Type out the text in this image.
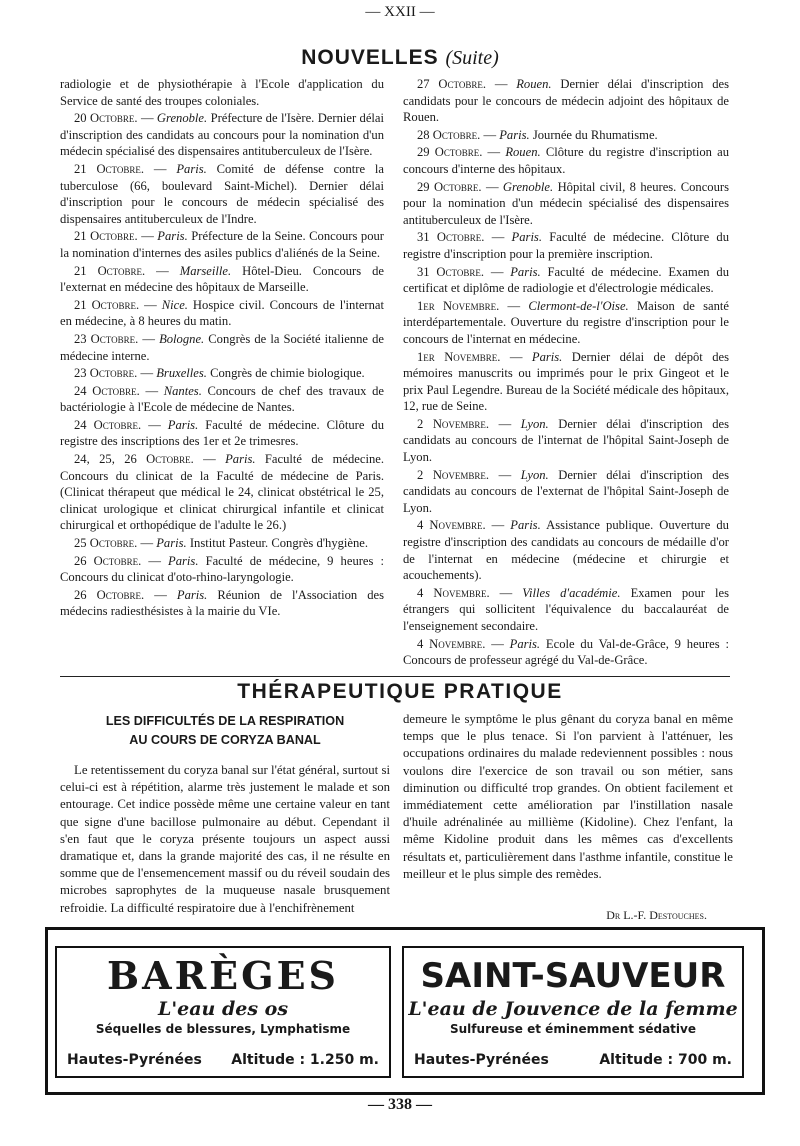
— XXII —
NOUVELLES (Suite)

radiologie et de physiothérapie à l'Ecole d'application du Service de santé des troupes coloniales.

20 Octobre. — Grenoble. Préfecture de l'Isère. Dernier délai d'inscription des candidats au concours pour la nomination d'un médecin spécialisé des dispensaires antituberculeux de l'Isère.

21 Octobre. — Paris. Comité de défense contre la tuberculose (66, boulevard Saint-Michel). Dernier délai d'inscription pour le concours de médecin spécialisé des dispensaires antituberculeux de l'Indre.

21 Octobre. — Paris. Préfecture de la Seine. Concours pour la nomination d'internes des asiles publics d'aliénés de la Seine.

21 Octobre. — Marseille. Hôtel-Dieu. Concours de l'externat en médecine des hôpitaux de Marseille.

21 Octobre. — Nice. Hospice civil. Concours de l'internat en médecine, à 8 heures du matin.

23 Octobre. — Bologne. Congrès de la Société italienne de médecine interne.

23 Octobre. — Bruxelles. Congrès de chimie biologique.

24 Octobre. — Nantes. Concours de chef des travaux de bactériologie à l'Ecole de médecine de Nantes.

24 Octobre. — Paris. Faculté de médecine. Clôture du registre des inscriptions des 1er et 2e trimesres.

24, 25, 26 Octobre. — Paris. Faculté de médecine. Concours du clinicat de la Faculté de médecine de Paris. (Clinicat thérapeut que médical le 24, clinicat obstétrical le 25, clinicat urologique et clinicat chirurgical infantile et clinicat chirurgical et orthopédique de l'adulte le 26.)

25 Octobre. — Paris. Institut Pasteur. Congrès d'hygiène.

26 Octobre. — Paris. Faculté de médecine, 9 heures : Concours du clinicat d'oto-rhino-laryngologie.

26 Octobre. — Paris. Réunion de l'Association des médecins radiesthésistes à la mairie du VIe.

27 Octobre. — Rouen. Dernier délai d'inscription des candidats pour le concours de médecin adjoint des hôpitaux de Rouen.

28 Octobre. — Paris. Journée du Rhumatisme.

29 Octobre. — Rouen. Clôture du registre d'inscription au concours d'interne des hôpitaux.

29 Octobre. — Grenoble. Hôpital civil, 8 heures. Concours pour la nomination d'un médecin spécialisé des dispensaires antituberculeux de l'Isère.

31 Octobre. — Paris. Faculté de médecine. Clôture du registre d'inscription pour la première inscription.

31 Octobre. — Paris. Faculté de médecine. Examen du certificat et diplôme de radiologie et d'électrologie médicales.

1er Novembre. — Clermont-de-l'Oise. Maison de santé interdépartementale. Ouverture du registre d'inscription pour le concours de l'internat en médecine.

1er Novembre. — Paris. Dernier délai de dépôt des mémoires manuscrits ou imprimés pour le prix Gingeot et le prix Paul Legendre. Bureau de la Société médicale des hôpitaux, 12, rue de Seine.

2 Novembre. — Lyon. Dernier délai d'inscription des candidats au concours de l'internat de l'hôpital Saint-Joseph de Lyon.

2 Novembre. — Lyon. Dernier délai d'inscription des candidats au concours de l'externat de l'hôpital Saint-Joseph de Lyon.

4 Novembre. — Paris. Assistance publique. Ouverture du registre d'inscription des candidats au concours de médaille d'or de l'internat en médecine (médecine et chirurgie et acouchements).

4 Novembre. — Villes d'académie. Examen pour les étrangers qui sollicitent l'équivalence du baccalauréat de l'enseignement secondaire.

4 Novembre. — Paris. Ecole du Val-de-Grâce, 9 heures : Concours de professeur agrégé du Val-de-Grâce.

THÉRAPEUTIQUE PRATIQUE
LES DIFFICULTÉS DE LA RESPIRATION
AU COURS DE CORYZA BANAL

Le retentissement du coryza banal sur l'état général, surtout si celui-ci est à répétition, alarme très justement le malade et son entourage. Cet indice possède même une certaine valeur en tant que signe d'une bacillose pulmonaire au début. Cependant il s'en faut que le coryza présente toujours un aspect aussi dramatique et, dans la grande majorité des cas, il ne résulte en somme que de l'ensemencement massif ou du réveil soudain des microbes saprophytes de la muqueuse nasale brusquement refroidie. La difficulté respiratoire due à l'enchifrènement

demeure le symptôme le plus gênant du coryza banal en même temps que le plus tenace. Si l'on parvient à l'atténuer, les occupations ordinaires du malade redeviennent possibles : nous voulons dire l'exercice de son travail ou son métier, sans diminution ou difficulté trop grandes. On obtient facilement et immédiatement cette amélioration par l'instillation nasale d'huile adrénalinée au millième (Kidoline). Chez l'enfant, la même Kidoline produit dans les mêmes cas d'excellents résultats et, particulièrement dans l'asthme infantile, constitue le meilleur et le plus simple des remèdes.

Dr L.-F. Destouches.
BARÈGES
L'eau des os
Séquelles de blessures, Lymphatisme
Hautes-Pyrénées Altitude : 1.250 m.
SAINT-SAUVEUR
L'eau de Jouvence de la femme
Sulfureuse et éminemment sédative
Hautes-Pyrénées	Altitude : 700 m.
— 338 —
